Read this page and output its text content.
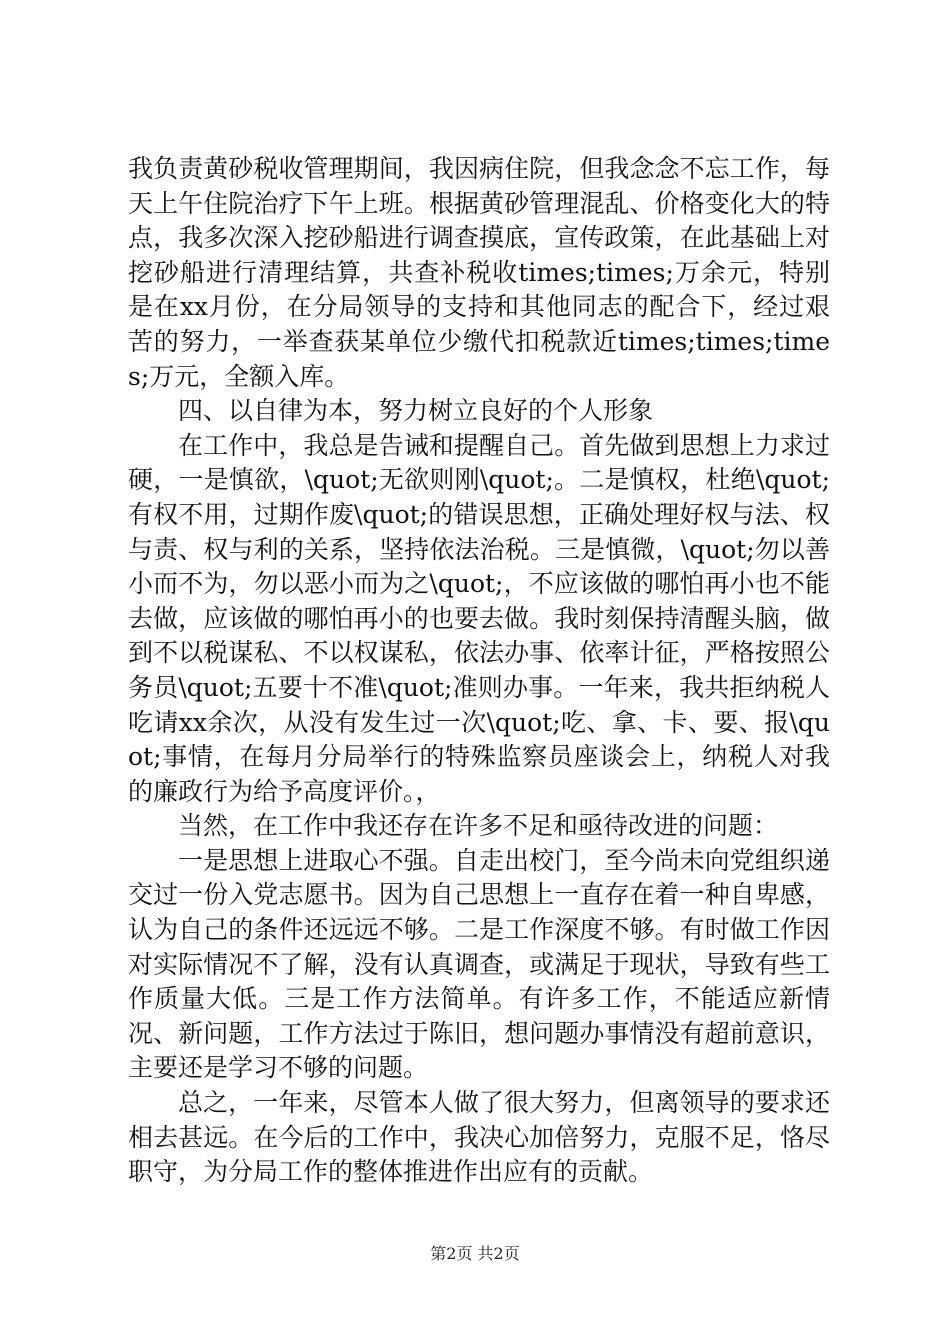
我负责黄砂税收管理期间，我因病住院，但我念念不忘工作，每天上午住院治疗下午上班。根据黄砂管理混乱、价格变化大的特点，我多次深入挖砂船进行调查摸底，宣传政策，在此基础上对挖砂船进行清理结算，共查补税收times;times;万余元，特别是在xx月份，在分局领导的支持和其他同志的配合下，经过艰苦的努力，一举查获某单位少缴代扣税款近times;times;times;万元，全额入库。

四、以自律为本，努力树立良好的个人形象

在工作中，我总是告诫和提醒自己。首先做到思想上力求过硬，一是慎欲，\quot;无欲则刚\quot;。二是慎权，杜绝\quot;有权不用，过期作废\quot;的错误思想，正确处理好权与法、权与责、权与利的关系，坚持依法治税。三是慎微，\quot;勿以善小而不为，勿以恶小而为之\quot;，不应该做的哪怕再小也不能去做，应该做的哪怕再小的也要去做。我时刻保持清醒头脑，做到不以税谋私、不以权谋私，依法办事、依率计征，严格按照公务员\quot;五要十不准\quot;准则办事。一年来，我共拒纳税人吃请xx余次，从没有发生过一次\quot;吃、拿、卡、要、报\quot;事情，在每月分局举行的特殊监察员座谈会上，纳税人对我的廉政行为给予高度评价。，

当然，在工作中我还存在许多不足和亟待改进的问题：

一是思想上进取心不强。自走出校门，至今尚未向党组织递交过一份入党志愿书。因为自己思想上一直存在着一种自卑感，认为自己的条件还远远不够。二是工作深度不够。有时做工作因对实际情况不了解，没有认真调查，或满足于现状，导致有些工作质量大低。三是工作方法简单。有许多工作，不能适应新情况、新问题，工作方法过于陈旧，想问题办事情没有超前意识，主要还是学习不够的问题。

总之，一年来，尽管本人做了很大努力，但离领导的要求还相去甚远。在今后的工作中，我决心加倍努力，克服不足，恪尽职守，为分局工作的整体推进作出应有的贡献。

第2页 共2页
